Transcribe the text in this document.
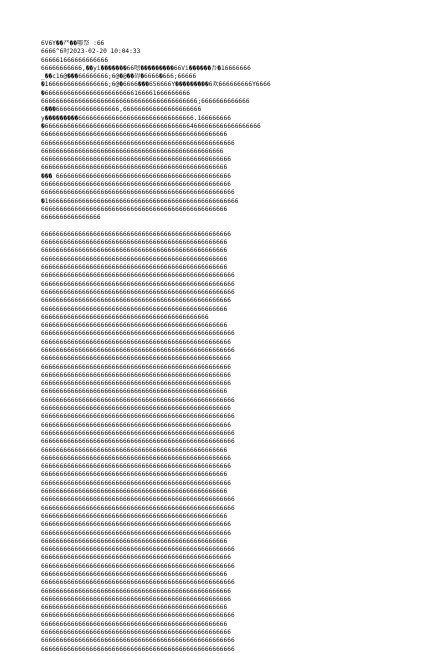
6V6Y��严��哪祭 :66
6666^6时2023-02-20 10:04:33
666661666666666666
66666666666,��yi�������66嗯���������66Vi������吾�16666666
_��c16@���66666666;6@�@��碍�6666�666;66666
�16666666666666666;6@�6666���656666Y���������6欢666666666Y6666
�666666666666666666666666166661666666666
666666666666666666666666666666666666666666;6666666666666
6���66666666666666666,666666666666666666666
y���������6666666666666666666666666666666.166666666
�6666666666666666666666666666666666666664666666666666666666
66666666666666666666666666666666666666666666666666
6666666666666666666666666666666666666666666666666666
6666666666666666666666666666666666666666666666666
666666666666666666666666666666666666666666666666666
66666666666666666666666666666666666666666666666666
��� 66666666666666666666666666666666666666666666666
666666666666666666666666666666666666666666666666666
6666666666666666666666666666666666666666666666666666
�1666666666666666666666666666666666666666666666666666
66666666666666666666666666666666666666666666666666
6666666666666666
666666666666666666666666666666666666666666666666666
66666666666666666666666666666666666666666666666666
66666666666666666666666666666666666666666666666666
66666666666666666666666666666666666666666666666666
66666666666666666666666666666666666666666666666666
6666666666666666666666666666666666666666666666666666
6666666666666666666666666666666666666666666666666666
6666666666666666666666666666666666666666666666666666
666666666666666666666666666666666666666666666666666
66666666666666666666666666666666666666666666666666
666666666666666666666666666666666666666666666
66666666666666666666666666666666666666666666666666
6666666666666666666666666666666666666666666666666666
666666666666666666666666666666666666666666666666666
6666666666666666666666666666666666666666666666666666
666666666666666666666666666666666666666666666666666
666666666666666666666666666666666666666666666666666
666666666666666666666666666666666666666666666666666
666666666666666666666666666666666666666666666666666
66666666666666666666666666666666666666666666666666
6666666666666666666666666666666666666666666666666666
666666666666666666666666666666666666666666666666666
6666666666666666666666666666666666666666666666666666
666666666666666666666666666666666666666666666666666
6666666666666666666666666666666666666666666666666666
6666666666666666666666666666666666666666666666666666
66666666666666666666666666666666666666666666666666
666666666666666666666666666666666666666666666666666
666666666666666666666666666666666666666666666666666
66666666666666666666666666666666666666666666666666
666666666666666666666666666666666666666666666666666
66666666666666666666666666666666666666666666666666
6666666666666666666666666666666666666666666666666666
6666666666666666666666666666666666666666666666666666
66666666666666666666666666666666666666666666666666
666666666666666666666666666666666666666666666666666
666666666666666666666666666666666666666666666666666
66666666666666666666666666666666666666666666666666
6666666666666666666666666666666666666666666666666666
666666666666666666666666666666666666666666666666666
6666666666666666666666666666666666666666666666666666
66666666666666666666666666666666666666666666666666
6666666666666666666666666666666666666666666666666666
666666666666666666666666666666666666666666666666666
666666666666666666666666666666666666666666666666666
66666666666666666666666666666666666666666666666666
6666666666666666666666666666666666666666666666666666
66666666666666666666666666666666666666666666666666
666666666666666666666666666666666666666666666666666
6666666666666666666666666666666666666666666666666666
6666666666666666666666666666666666666666666666666666
